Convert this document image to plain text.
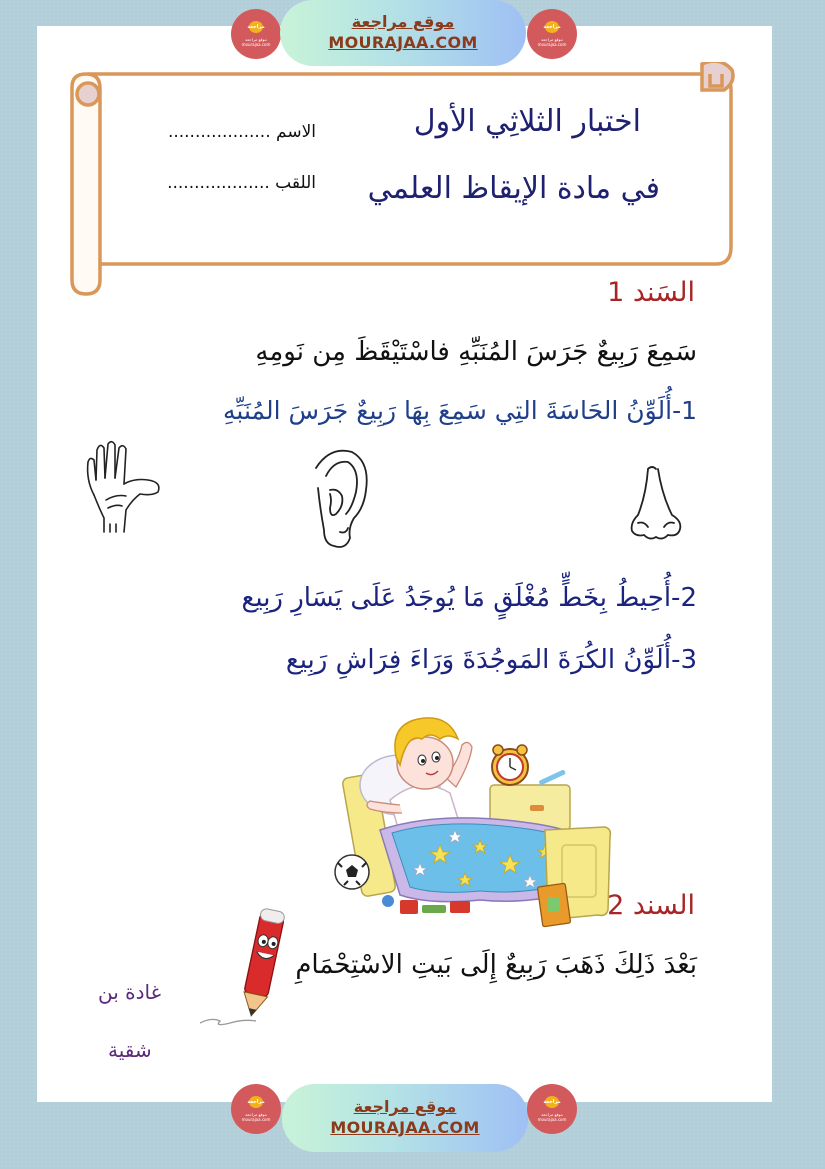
مراجعة
موقع مراجعة mourajaa.com
موقع مراجعة
MOURAJAA.COM
مراجعة
موقع مراجعة mourajaa.com
اختبار الثلاثِي الأول
في مادة الإيقاظ العلمي
الاسم ...................
اللقب ...................
السَند 1
سَمِعَ رَبِيعٌ جَرَسَ المُنَبِّهِ فاسْتَيْقَظَ مِن نَومِهِ
1-أُلَوِّنُ الحَاسَةَ التِي سَمِعَ بِهَا رَبِيعٌ جَرَسَ المُنَبِّهِ
2-أُحِيطُ بِخَطٍّ مُغْلَقٍ مَا يُوجَدُ عَلَى يَسَارِ رَبِيع
3-أُلَوِّنُ الكُرَةَ المَوجُدَةَ وَرَاءَ فِرَاشِ رَبِيع
السند 2
بَعْدَ ذَلِكَ ذَهَبَ رَبِيعٌ إِلَى بَيتِ الاسْتِحْمَامِ
غادة بن
شقية
مراجعة
موقع مراجعة mourajaa.com
موقع مراجعة
MOURAJAA.COM
مراجعة
موقع مراجعة mourajaa.com
